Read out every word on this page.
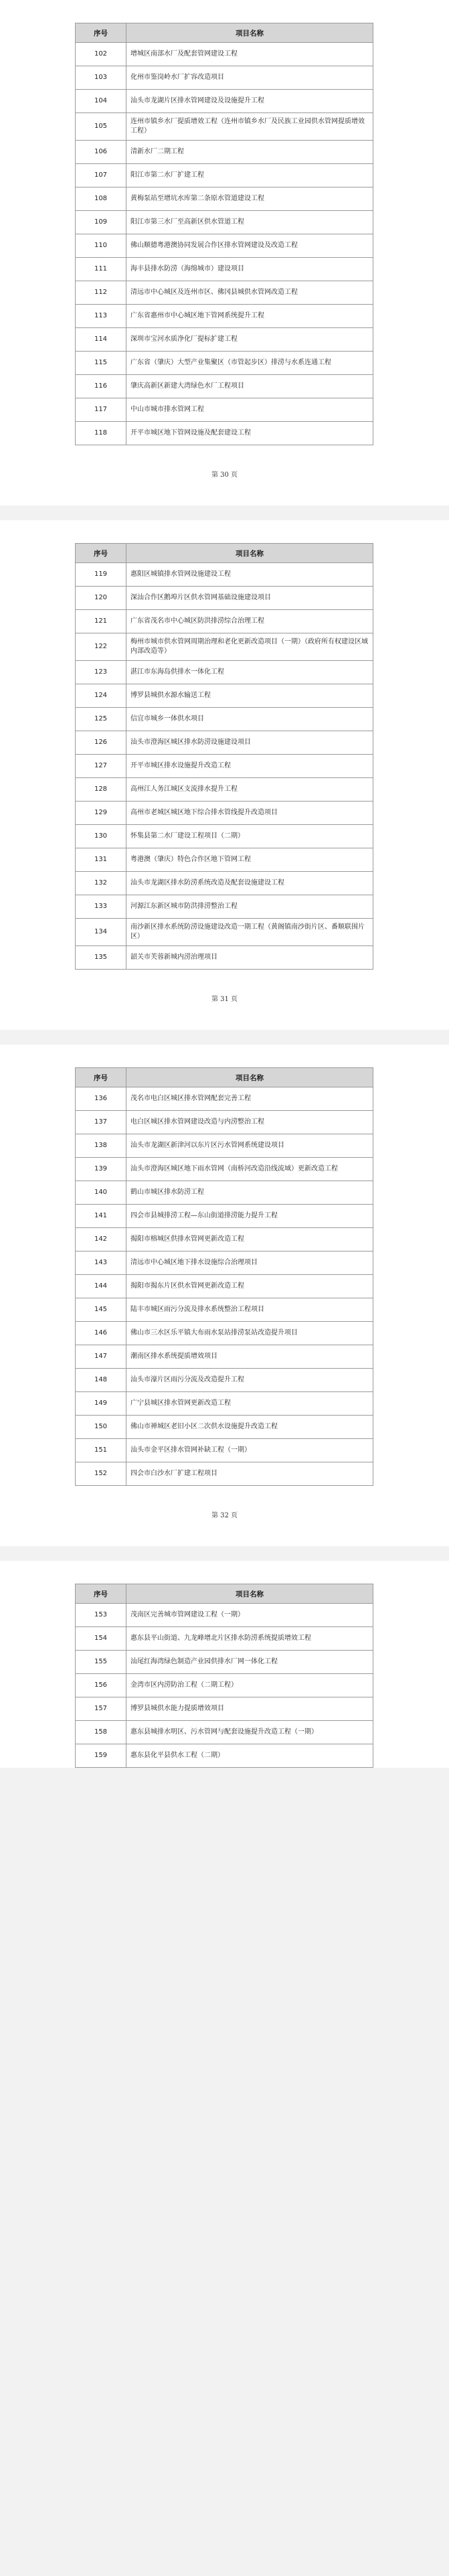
序号	项目名称
102	增城区南部水厂及配套管网建设工程
103	化州市鉴岗岭水厂扩容改造项目
104	汕头市龙湖片区排水管网建设及设施提升工程
105	连州市镇乡水厂提质增效工程（连州市镇乡水厂及民族工业园供水管网提质增效工程）
106	清新水厂二期工程
107	阳江市第二水厂扩建工程
108	黄梅泵站至增坑水库第二条原水管道建设工程
109	阳江市第三水厂至高新区供水管道工程
110	佛山顺德粤港澳协同发展合作区排水管网建设及改造工程
111	海丰县排水防涝（海绵城市）建设项目
112	清远市中心城区及连州市区、佛冈县城供水管网改造工程
113	广东省惠州市中心城区地下管网系统提升工程
114	深圳市宝河水质净化厂提标扩建工程
115	广东省（肇庆）大型产业集聚区（市管起步区）排涝与水系连通工程
116	肇庆高新区新建大湾绿色水厂工程项目
117	中山市城市排水管网工程
118	开平市城区地下管网设施及配套建设工程
第 30 页
序号	项目名称
119	惠阳区城镇排水管网设施建设工程
120	深汕合作区鹅埠片区供水管网基础设施建设项目
121	广东省茂名市中心城区防洪排涝综合治理工程
122	梅州市城市供水管网周期治理和老化更新改造项目（一期）（政府所有权建设区域内部改造等）
123	湛江市东海岛供排水一体化工程
124	博罗县城供水源水输送工程
125	信宜市城乡一体供水项目
126	汕头市澄海区城区排水防涝设施建设项目
127	开平市城区排水设施提升改造工程
128	高州江人务江城区支流排水提升工程
129	高州市老城区城区地下综合排水管线提升改造项目
130	怀集县第二水厂建设工程项目（二期）
131	粤港澳（肇庆）特色合作区地下管网工程
132	汕头市龙湖区排水防涝系统改造及配套设施建设工程
133	河源江东新区城市防洪排涝整治工程
134	南沙新区排水系统防涝设施建设改造一期工程（黄阁镇南沙街片区、番顺联围片区）
135	韶关市芙蓉新城内涝治理项目
第 31 页
序号	项目名称
136	茂名市电白区城区排水管网配套完善工程
137	电白区城区排水管网建设改造与内涝整治工程
138	汕头市龙湖区新津河以东片区污水管网系统建设项目
139	汕头市澄海区城区地下雨水管网（南桥河改造沿线流域）更新改造工程
140	鹤山市城区排水防涝工程
141	四会市县城排涝工程—东山街道排涝能力提升工程
142	揭阳市榕城区供排水管网更新改造工程
143	清远市中心城区地下排水设施综合治理项目
144	揭阳市揭东片区供水管网更新改造工程
145	陆丰市城区雨污分流及排水系统整治工程项目
146	佛山市三水区乐平镇大布雨水泵站排涝泵站改造提升项目
147	潮南区排水系统提质增效项目
148	汕头市濠片区雨污分流及改造提升工程
149	广宁县城区排水管网更新改造工程
150	佛山市禅城区老旧小区二次供水设施提升改造工程
151	汕头市金平区排水管网补缺工程（一期）
152	四会市白沙水厂扩建工程项目
第 32 页
序号	项目名称
153	茂南区完善城市管网建设工程（一期）
154	惠东县平山街道、九龙峰增北片区排水防涝系统提质增效工程
155	汕尾红海湾绿色制造产业园供排水厂网一体化工程
156	金湾市区内涝防治工程（二期工程）
157	博罗县城供水能力提质增效项目
158	惠东县城排水明区、污水管网与配套设施提升改造工程（一期）
159	惠东县化平县供水工程（二期）
